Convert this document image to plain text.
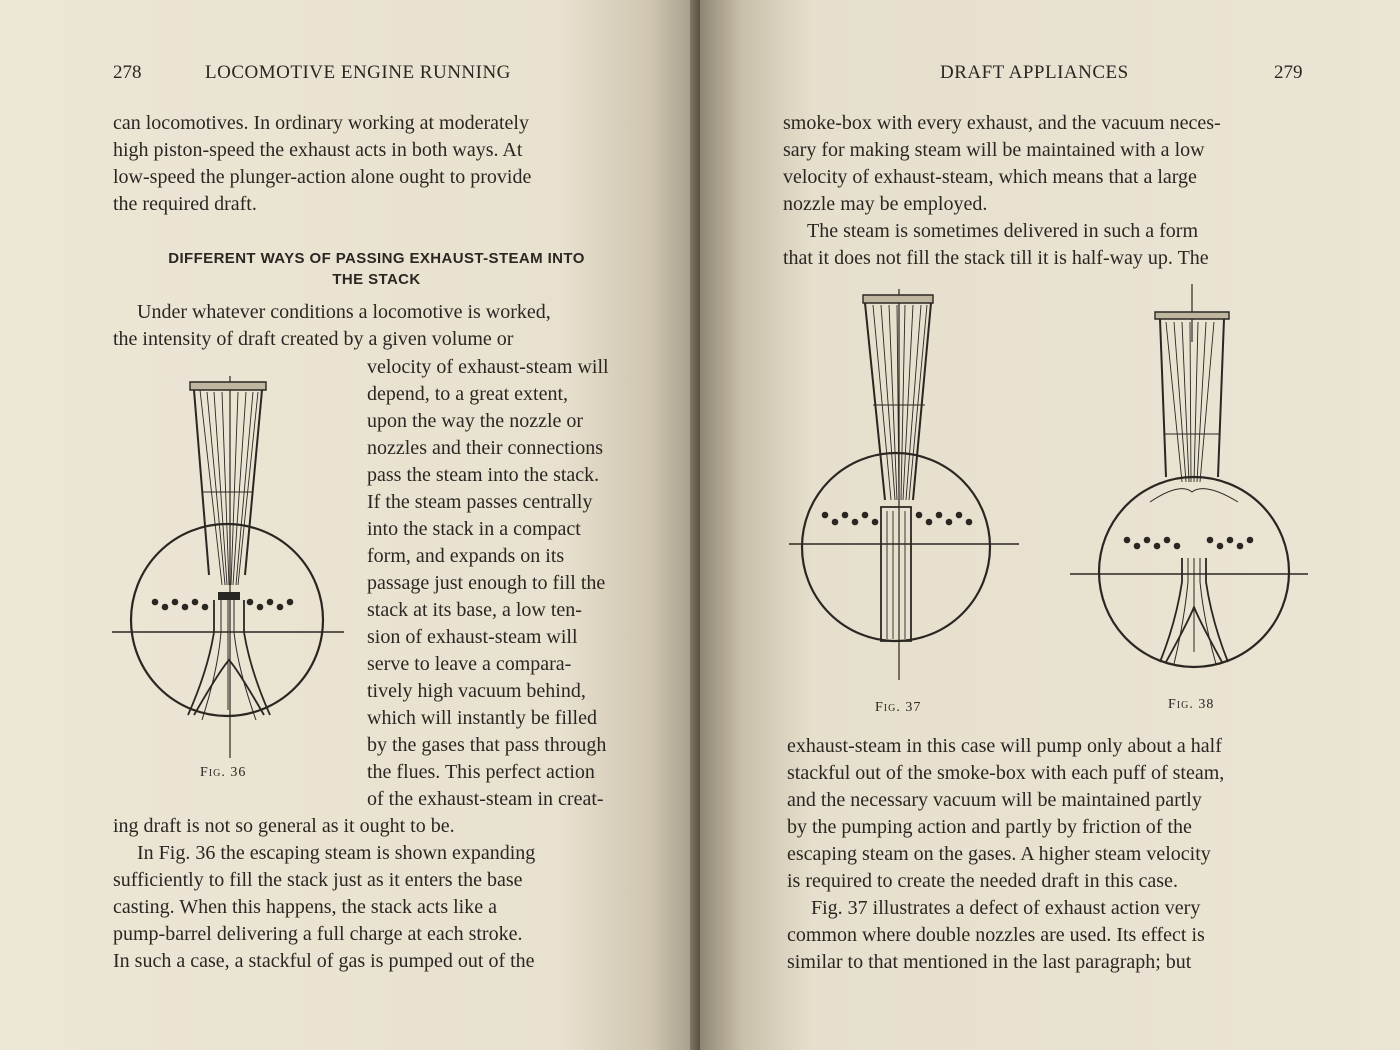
278	LOCOMOTIVE ENGINE RUNNING

can locomotives. In ordinary working at moderately

high piston-speed the exhaust acts in both ways. At

low-speed the plunger-action alone ought to provide

the required draft.

DIFFERENT WAYS OF PASSING EXHAUST-STEAM INTO
THE STACK

Under whatever conditions a locomotive is worked,

the intensity of draft created by a given volume or

velocity of exhaust-steam will

depend, to a great extent,

upon the way the nozzle or

nozzles and their connections

pass the steam into the stack.

If the steam passes centrally

into the stack in a compact

form, and expands on its

passage just enough to fill the

stack at its base, a low ten-

sion of exhaust-steam will

serve to leave a compara-

tively high vacuum behind,

which will instantly be filled

by the gases that pass through

the flues. This perfect action

of the exhaust-steam in creat-

ing draft is not so general as it ought to be.

In Fig. 36 the escaping steam is shown expanding

sufficiently to fill the stack just as it enters the base

casting. When this happens, the stack acts like a

pump-barrel delivering a full charge at each stroke.

In such a case, a stackful of gas is pumped out of the

Fig. 36
DRAFT APPLIANCES	279

smoke-box with every exhaust, and the vacuum neces-

sary for making steam will be maintained with a low

velocity of exhaust-steam, which means that a large

nozzle may be employed.

The steam is sometimes delivered in such a form

that it does not fill the stack till it is half-way up. The

Fig. 37	Fig. 38

exhaust-steam in this case will pump only about a half

stackful out of the smoke-box with each puff of steam,

and the necessary vacuum will be maintained partly

by the pumping action and partly by friction of the

escaping steam on the gases. A higher steam velocity

is required to create the needed draft in this case.

Fig. 37 illustrates a defect of exhaust action very

common where double nozzles are used. Its effect is

similar to that mentioned in the last paragraph; but
